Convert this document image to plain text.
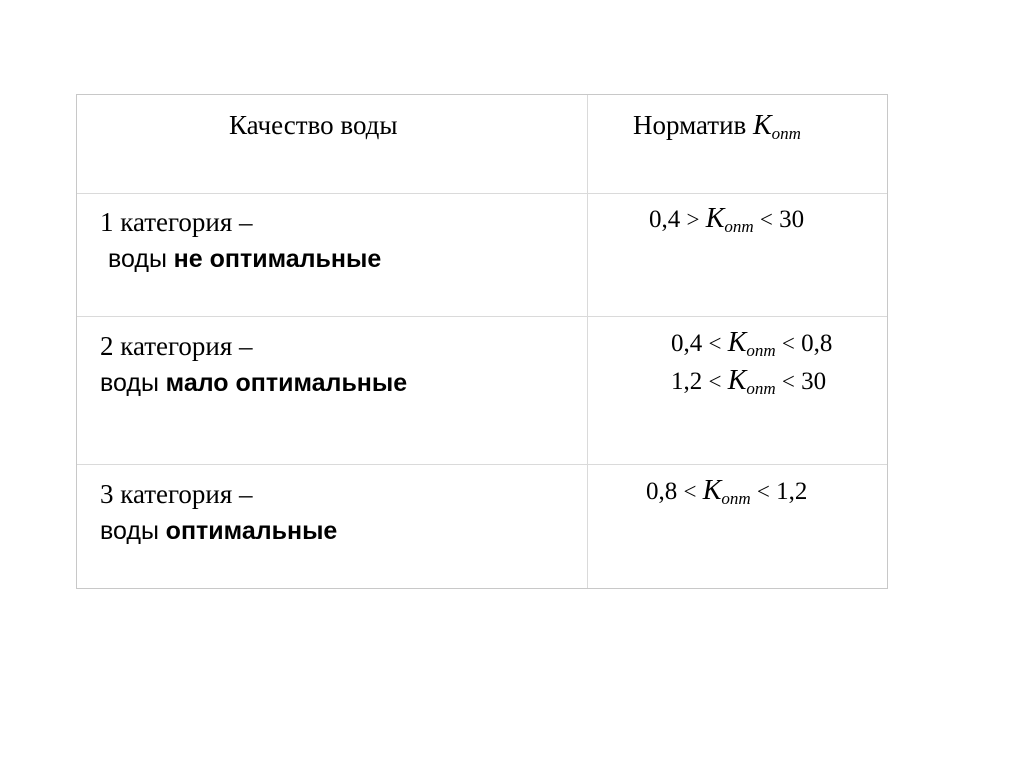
Качество воды	Норматив $К_{опт}$
1 категория –
воды не оптимальные
$0,4 > К_{опт} < 30$
2 категория –
воды мало оптимальные
$0,4 < К_{опт} < 0,8$
$1,2 < К_{опт} < 30$
3 категория –
воды оптимальные
$0,8 < К_{опт} < 1,2$
